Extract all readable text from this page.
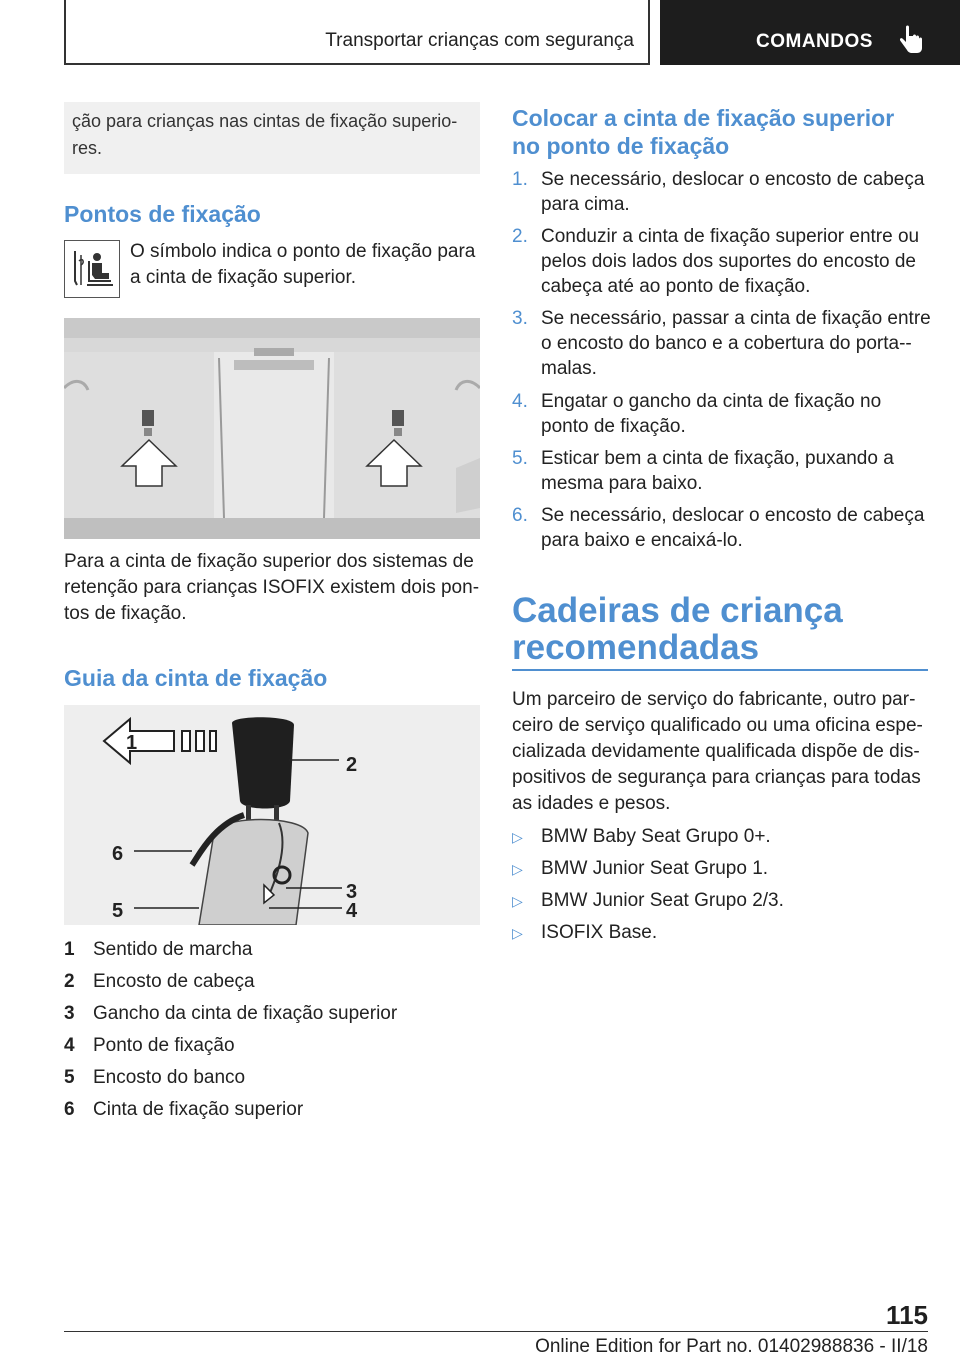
Transportar crianças com segurança	COMANDOS
ção para crianças nas cintas de fixação superio-res.
Pontos de fixação
O símbolo indica o ponto de fixação para a cinta de fixação superior.
Para a cinta de fixação superior dos sistemas de retenção para crianças ISOFIX existem dois pon-tos de fixação.
Guia da cinta de fixação
1
2
3
4
5
6
1 Sentido de marcha
2 Encosto de cabeça
3 Gancho da cinta de fixação superior
4 Ponto de fixação
5 Encosto do banco
6 Cinta de fixação superior
Colocar a cinta de fixação superior no ponto de fixação
1. Se necessário, deslocar o encosto de cabeça para cima.
2. Conduzir a cinta de fixação superior entre ou pelos dois lados dos suportes do encosto de cabeça até ao ponto de fixação.
3. Se necessário, passar a cinta de fixação entre o encosto do banco e a cobertura do porta--malas.
4. Engatar o gancho da cinta de fixação no ponto de fixação.
5. Esticar bem a cinta de fixação, puxando a mesma para baixo.
6. Se necessário, deslocar o encosto de cabeça para baixo e encaixá-lo.
Cadeiras de criança recomendadas
Um parceiro de serviço do fabricante, outro par-ceiro de serviço qualificado ou uma oficina espe-cializada devidamente qualificada dispõe de dis-positivos de segurança para crianças para todas as idades e pesos.
▷ BMW Baby Seat Grupo 0+.
▷ BMW Junior Seat Grupo 1.
▷ BMW Junior Seat Grupo 2/3.
▷ ISOFIX Base.
115
Online Edition for Part no. 01402988836 - II/18
